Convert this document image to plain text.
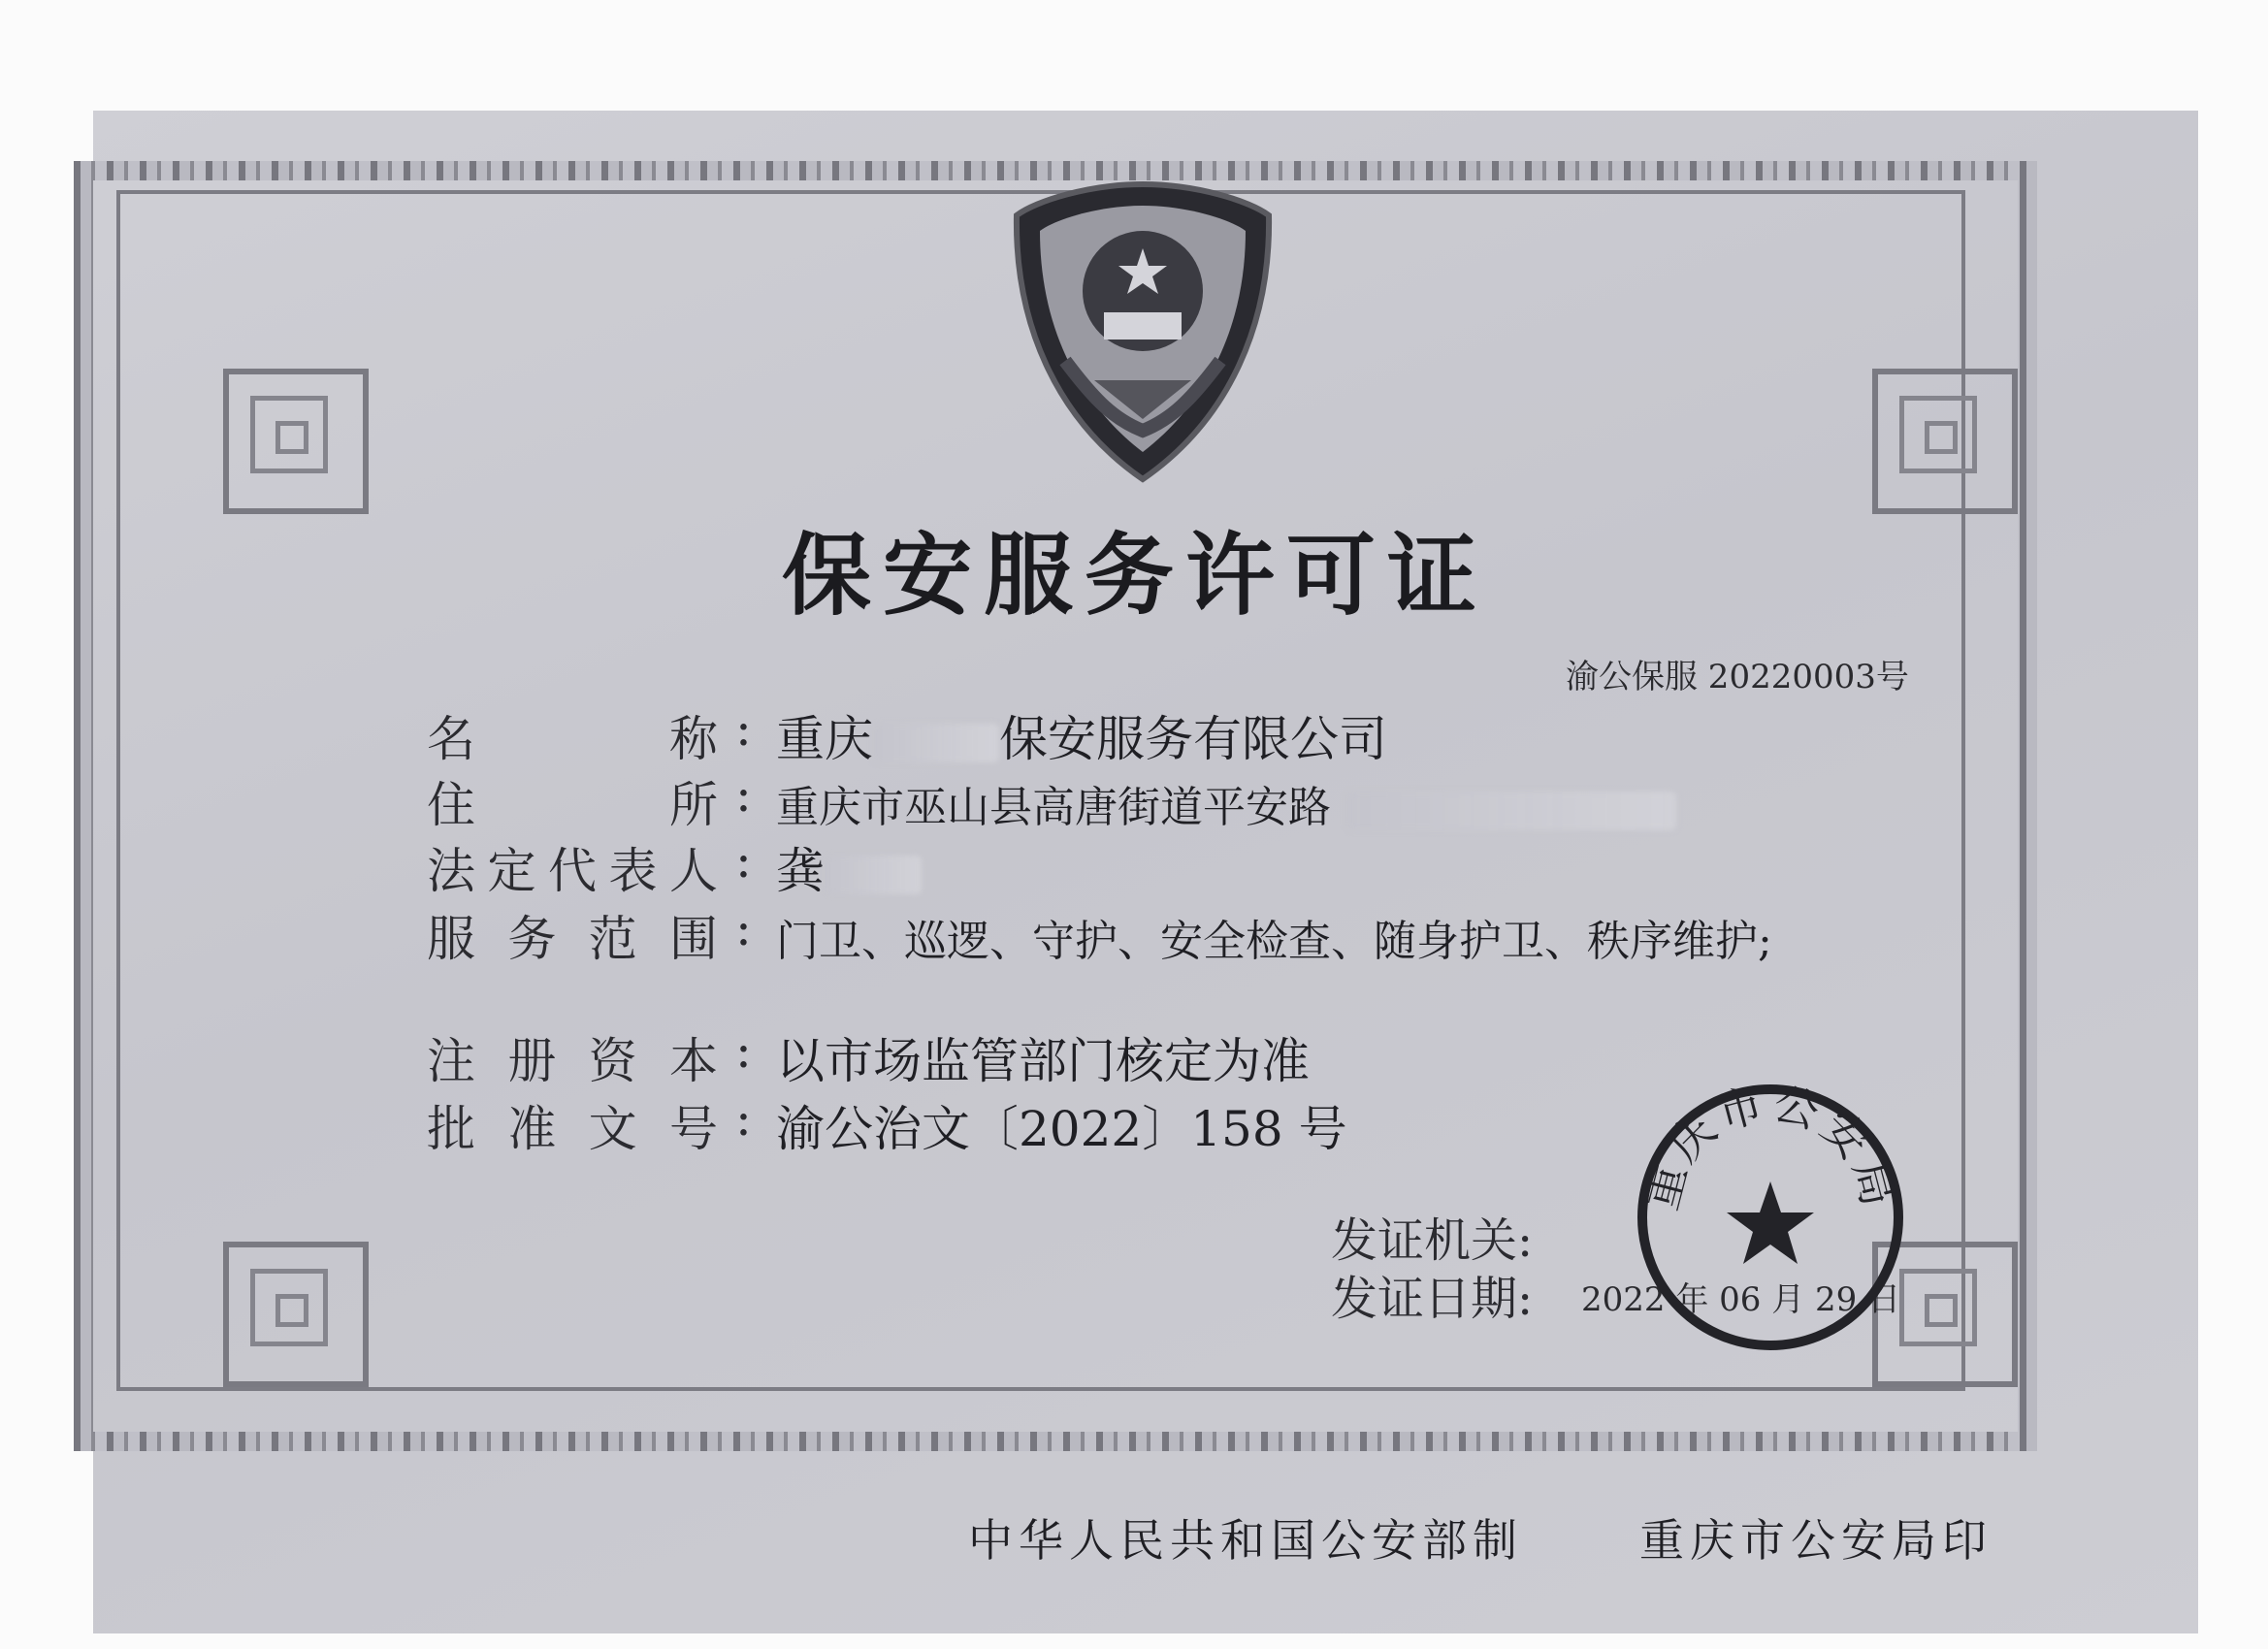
保安服务许可证
渝公保服 20220003号
名	称 : 重庆	保安服务有限公司
住	所 : 重庆市巫山县高唐街道平安路
法 定 代 表 人 : 龚
服 务 范 围 : 门卫、巡逻、守护、安全检查、随身护卫、秩序维护;
注 册 资 本 : 以市场监管部门核定为准
批 准 文 号 : 渝公治文〔2022〕158 号
发证机关:
发证日期: 2022 年 06 月 29 日
重庆市公安局
中华人民共和国公安部制	重庆市公安局印
